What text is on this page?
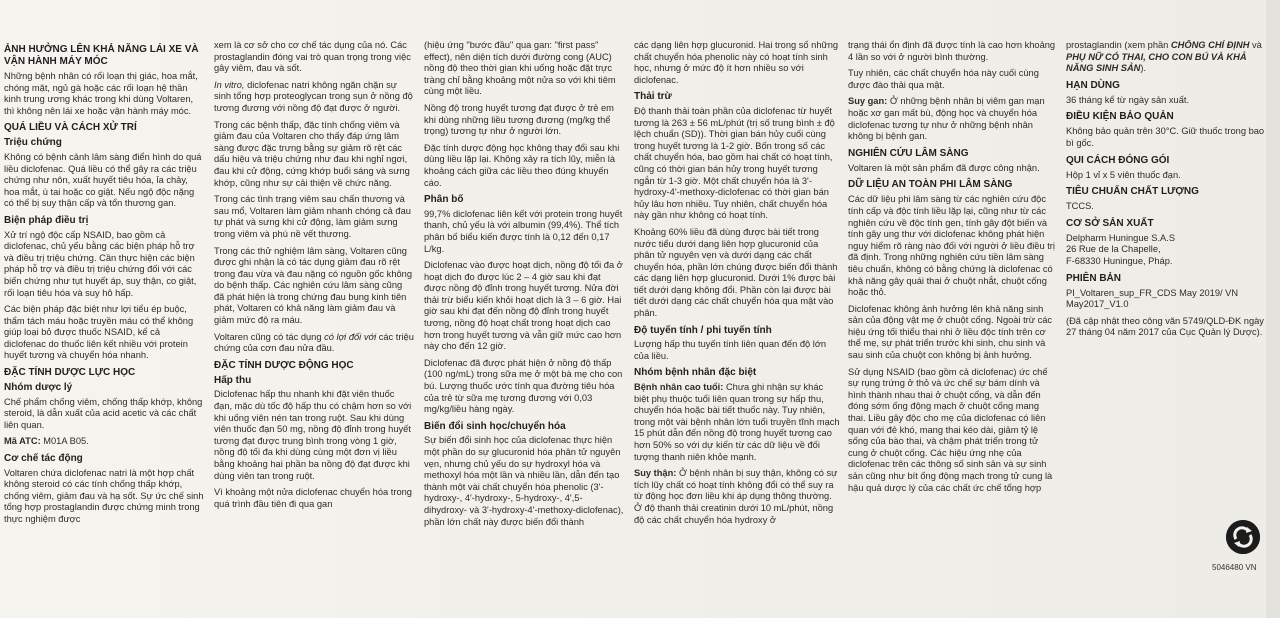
ẢNH HƯỞNG LÊN KHẢ NĂNG LÁI XE VÀ VẬN HÀNH MÁY MÓC

Những bệnh nhân có rối loạn thị giác, hoa mắt, chóng mặt, ngủ gà hoặc các rối loạn hệ thần kinh trung ương khác trong khi dùng Voltaren, thì không nên lái xe hoặc vận hành máy móc.

QUÁ LIỀU VÀ CÁCH XỬ TRÍ
Triệu chứng

Không có bệnh cảnh lâm sàng điển hình do quá liều diclofenac. Quá liều có thể gây ra các triệu chứng như nôn, xuất huyết tiêu hóa, ỉa chảy, hoa mắt, ù tai hoặc co giật. Nếu ngộ độc nặng có thể bị suy thận cấp và tổn thương gan.

Biện pháp điều trị

Xử trí ngộ độc cấp NSAID, bao gồm cả diclofenac, chủ yếu bằng các biện pháp hỗ trợ và điều trị triệu chứng. Cần thực hiện các biện pháp hỗ trợ và điều trị triệu chứng đối với các biến chứng như tụt huyết áp, suy thận, co giật, rối loạn tiêu hóa và suy hô hấp.

Các biện pháp đặc biệt như lợi tiểu ép buộc, thẩm tách máu hoặc truyền máu có thể không giúp loại bỏ được thuốc NSAID, kể cả diclofenac do thuốc liên kết nhiều với protein huyết tương và chuyển hóa nhanh.

ĐẶC TÍNH DƯỢC LỰC HỌC
Nhóm dược lý

Chế phẩm chống viêm, chống thấp khớp, không steroid, là dẫn xuất của acid acetic và các chất liên quan.

Mã ATC: M01A B05.

Cơ chế tác động

Voltaren chứa diclofenac natri là một hợp chất không steroid có các tính chống thấp khớp, chống viêm, giảm đau và hạ sốt. Sự ức chế sinh tổng hợp prostaglandin được chứng minh trong thực nghiệm được

xem là cơ sở cho cơ chế tác dụng của nó. Các prostaglandin đóng vai trò quan trọng trong việc gây viêm, đau và sốt.

In vitro, diclofenac natri không ngăn chặn sự sinh tổng hợp proteoglycan trong sụn ở nồng độ tương đương với nồng độ đạt được ở người.

Trong các bệnh thấp, đặc tính chống viêm và giảm đau của Voltaren cho thấy đáp ứng lâm sàng được đặc trưng bằng sự giảm rõ rệt các dấu hiệu và triệu chứng như đau khi nghỉ ngơi, đau khi cử động, cứng khớp buổi sáng và sưng khớp, cũng như sự cải thiện về chức năng.

Trong các tình trạng viêm sau chấn thương và sau mổ, Voltaren làm giảm nhanh chóng cả đau tự phát và sưng khi cử động, làm giảm sưng trong viêm và phù nề vết thương.

Trong các thử nghiệm lâm sàng, Voltaren cũng được ghi nhận là có tác dụng giảm đau rõ rệt trong đau vừa và đau nặng có nguồn gốc không do bệnh thấp. Các nghiên cứu lâm sàng cũng đã phát hiện là trong chứng đau bụng kinh tiên phát, Voltaren có khả năng làm giảm đau và giảm mức độ ra máu.

Voltaren cũng có tác dụng có lợi đối với các triệu chứng của cơn đau nửa đầu.

ĐẶC TÍNH DƯỢC ĐỘNG HỌC
Hấp thu

Diclofenac hấp thu nhanh khi đặt viên thuốc đạn, mặc dù tốc độ hấp thu có chậm hơn so với khi uống viên nén tan trong ruột. Sau khi dùng viên thuốc đạn 50 mg, nồng độ đỉnh trong huyết tương đạt được trung bình trong vòng 1 giờ, nồng độ tối đa khi dùng cùng một đơn vị liều bằng khoảng hai phần ba nồng độ đạt được khi dùng viên tan trong ruột.

Vì khoảng một nửa diclofenac chuyển hóa trong quá trình đầu tiên đi qua gan

(hiệu ứng "bước đầu" qua gan: "first pass" effect), nên diện tích dưới đường cong (AUC) nồng độ theo thời gian khi uống hoặc đặt trực tràng chỉ bằng khoảng một nửa so với khi tiêm cùng một liều.

Nồng độ trong huyết tương đạt được ở trẻ em khi dùng những liều tương đương (mg/kg thể trọng) tương tự như ở người lớn.

Đặc tính dược động học không thay đổi sau khi dùng liều lặp lại. Không xảy ra tích lũy, miễn là khoảng cách giữa các liều theo đúng khuyến cáo.

Phân bố

99,7% diclofenac liên kết với protein trong huyết thanh, chủ yếu là với albumin (99,4%). Thể tích phân bố biểu kiến được tính là 0,12 đến 0,17 L/kg.

Diclofenac vào được hoạt dịch, nồng độ tối đa ở hoạt dịch đo được lúc 2 – 4 giờ sau khi đạt được nồng độ đỉnh trong huyết tương. Nửa đời thải trừ biểu kiến khỏi hoạt dịch là 3 – 6 giờ. Hai giờ sau khi đạt đến nồng độ đỉnh trong huyết tương, nồng độ hoạt chất trong hoạt dịch cao hơn trong huyết tương và vẫn giữ mức cao hơn này cho đến 12 giờ.

Diclofenac đã được phát hiện ở nồng độ thấp (100 ng/mL) trong sữa mẹ ở một bà mẹ cho con bú. Lượng thuốc ước tính qua đường tiêu hóa của trẻ từ sữa mẹ tương đương với 0,03 mg/kg/liều hàng ngày.

Biến đổi sinh học/chuyển hóa

Sự biến đổi sinh học của diclofenac thực hiện một phần do sự glucuronid hóa phân tử nguyên vẹn, nhưng chủ yếu do sự hydroxyl hóa và methoxyl hóa một lần và nhiều lần, dẫn đến tạo thành một vài chất chuyển hóa phenolic (3'-hydroxy-, 4'-hydroxy-, 5-hydroxy-, 4',5-dihydroxy- và 3'-hydroxy-4'-methoxy-diclofenac), phần lớn chất này được biến đổi thành

các dạng liên hợp glucuronid. Hai trong số những chất chuyển hóa phenolic này có hoạt tính sinh học, nhưng ở mức độ ít hơn nhiều so với diclofenac.

Thải trừ

Độ thanh thải toàn phần của diclofenac từ huyết tương là 263 ± 56 mL/phút (trị số trung bình ± độ lệch chuẩn (SD)). Thời gian bán hủy cuối cùng trong huyết tương là 1-2 giờ. Bốn trong số các chất chuyển hóa, bao gồm hai chất có hoạt tính, cũng có thời gian bán hủy trong huyết tương ngắn từ 1-3 giờ. Một chất chuyển hóa là 3'-hydroxy-4'-methoxy-diclofenac có thời gian bán hủy lâu hơn nhiều. Tuy nhiên, chất chuyển hóa này gần như không có hoạt tính.

Khoảng 60% liều đã dùng được bài tiết trong nước tiểu dưới dạng liên hợp glucuronid của phân tử nguyên vẹn và dưới dạng các chất chuyển hóa, phần lớn chúng được biến đổi thành các dạng liên hợp glucuronid. Dưới 1% được bài tiết dưới dạng không đổi. Phần còn lại được bài tiết dưới dạng các chất chuyển hóa qua mật vào phân.

Độ tuyến tính / phi tuyến tính

Lượng hấp thu tuyến tính liên quan đến độ lớn của liều.

Nhóm bệnh nhân đặc biệt

Bệnh nhân cao tuổi: Chưa ghi nhận sự khác biệt phụ thuộc tuổi liên quan trong sự hấp thu, chuyển hóa hoặc bài tiết thuốc này. Tuy nhiên, trong một vài bệnh nhân lớn tuổi truyền tĩnh mạch 15 phút dẫn đến nồng độ trong huyết tương cao hơn 50% so với dự kiến từ các dữ liệu về đối tượng thanh niên khỏe mạnh.

Suy thận: Ở bệnh nhân bị suy thận, không có sự tích lũy chất có hoạt tính không đổi có thể suy ra từ động học đơn liều khi áp dụng thông thường. Ở độ thanh thải creatinin dưới 10 mL/phút, nồng độ các chất chuyển hóa hydroxy ở

trạng thái ổn định đã được tính là cao hơn khoảng 4 lần so với ở người bình thường.

Tuy nhiên, các chất chuyển hóa này cuối cùng được đào thải qua mật.

Suy gan: Ở những bệnh nhân bị viêm gan mạn hoặc xơ gan mất bù, động học và chuyển hóa diclofenac tương tự như ở những bệnh nhân không bị bệnh gan.

NGHIÊN CỨU LÂM SÀNG

Voltaren là một sản phẩm đã được công nhận.

DỮ LIỆU AN TOÀN PHI LÂM SÀNG

Các dữ liệu phi lâm sàng từ các nghiên cứu độc tính cấp và độc tính liều lặp lại, cũng như từ các nghiên cứu về độc tính gen, tính gây đột biến và tính gây ung thư với diclofenac không phát hiện nguy hiểm rõ ràng nào đối với người ở liều điều trị đã định. Trong những nghiên cứu tiền lâm sàng tiêu chuẩn, không có bằng chứng là diclofenac có khả năng gây quái thai ở chuột nhắt, chuột cống hoặc thỏ.

Diclofenac không ảnh hưởng lên khả năng sinh sản của động vật mẹ ở chuột cống. Ngoài trừ các hiệu ứng tối thiểu thai nhi ở liều độc tính trên cơ thể mẹ, sự phát triển trước khi sinh, chu sinh và sau sinh của chuột con không bị ảnh hưởng.

Sử dụng NSAID (bao gồm cả diclofenac) ức chế sự rụng trứng ở thỏ và ức chế sự bám dính và hình thành nhau thai ở chuột cống, và dẫn đến đóng sớm ống động mạch ở chuột cống mang thai. Liều gây độc cho mẹ của diclofenac có liên quan với đẻ khó, mang thai kéo dài, giảm tỷ lệ sống của bào thai, và chậm phát triển trong tử cung ở chuột cống. Các hiệu ứng nhẹ của diclofenac trên các thông số sinh sản và sự sinh sản cũng như bít ống động mạch trong tử cung là hậu quả dược lý của các chất ức chế tổng hợp

prostaglandin (xem phần CHỐNG CHỈ ĐỊNH và PHỤ NỮ CÓ THAI, CHO CON BÚ VÀ KHẢ NĂNG SINH SẢN).

HẠN DÙNG

36 tháng kể từ ngày sản xuất.

ĐIỀU KIỆN BẢO QUẢN

Không bảo quản trên 30°C. Giữ thuốc trong bao bì gốc.

QUI CÁCH ĐÓNG GÓI

Hộp 1 vỉ x 5 viên thuốc đạn.

TIÊU CHUẨN CHẤT LƯỢNG

TCCS.

CƠ SỞ SẢN XUẤT

Delpharm Huningue S.A.S
26 Rue de la Chapelle,
F-68330 Huningue, Pháp.

PHIÊN BẢN

PI_Voltaren_sup_FR_CDS May 2019/ VN May2017_V1.0

(Đã cập nhật theo công văn 5749/QLD-ĐK ngày 27 tháng 04 năm 2017 của Cục Quản lý Dược).

5046480 VN
